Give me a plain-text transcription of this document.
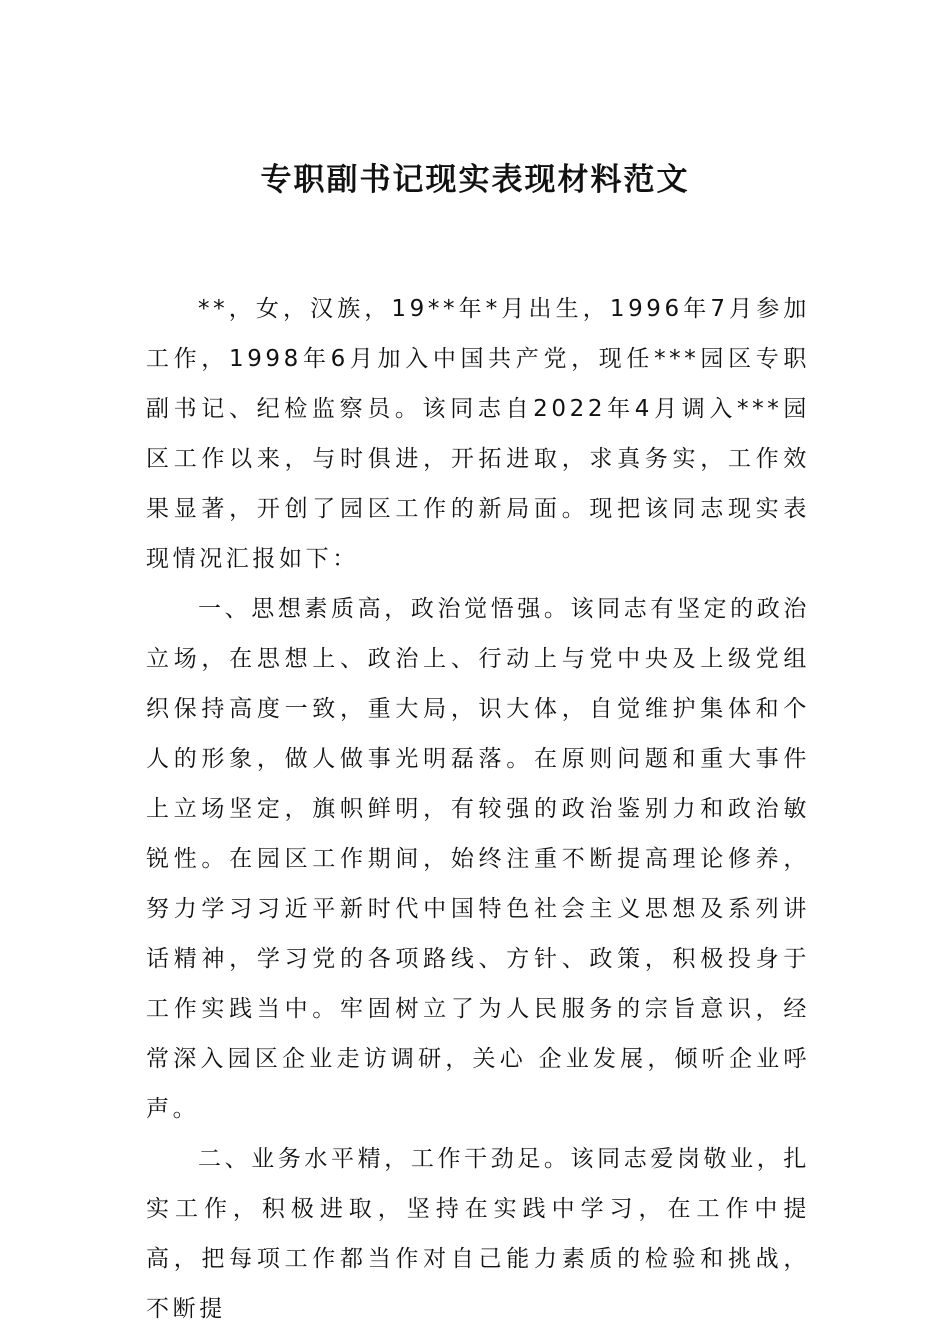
专职副书记现实表现材料范文

**，女，汉族，19**年*月出生，1996年7月参加工作，1998年6月加入中国共产党，现任***园区专职副书记、纪检监察员。该同志自2022年4月调入***园区工作以来，与时俱进，开拓进取，求真务实，工作效果显著，开创了园区工作的新局面。现把该同志现实表现情况汇报如下：

一、思想素质高，政治觉悟强。该同志有坚定的政治立场，在思想上、政治上、行动上与党中央及上级党组织保持高度一致，重大局，识大体，自觉维护集体和个人的形象，做人做事光明磊落。在原则问题和重大事件上立场坚定，旗帜鲜明，有较强的政治鉴别力和政治敏锐性。在园区工作期间，始终注重不断提高理论修养，努力学习习近平新时代中国特色社会主义思想及系列讲话精神，学习党的各项路线、方针、政策，积极投身于工作实践当中。牢固树立了为人民服务的宗旨意识，经常深入园区企业走访调研，关心 企业发展，倾听企业呼声。

二、业务水平精，工作干劲足。该同志爱岗敬业，扎实工作，积极进取，坚持在实践中学习，在工作中提高，把每项工作都当作对自己能力素质的检验和挑战，不断提
